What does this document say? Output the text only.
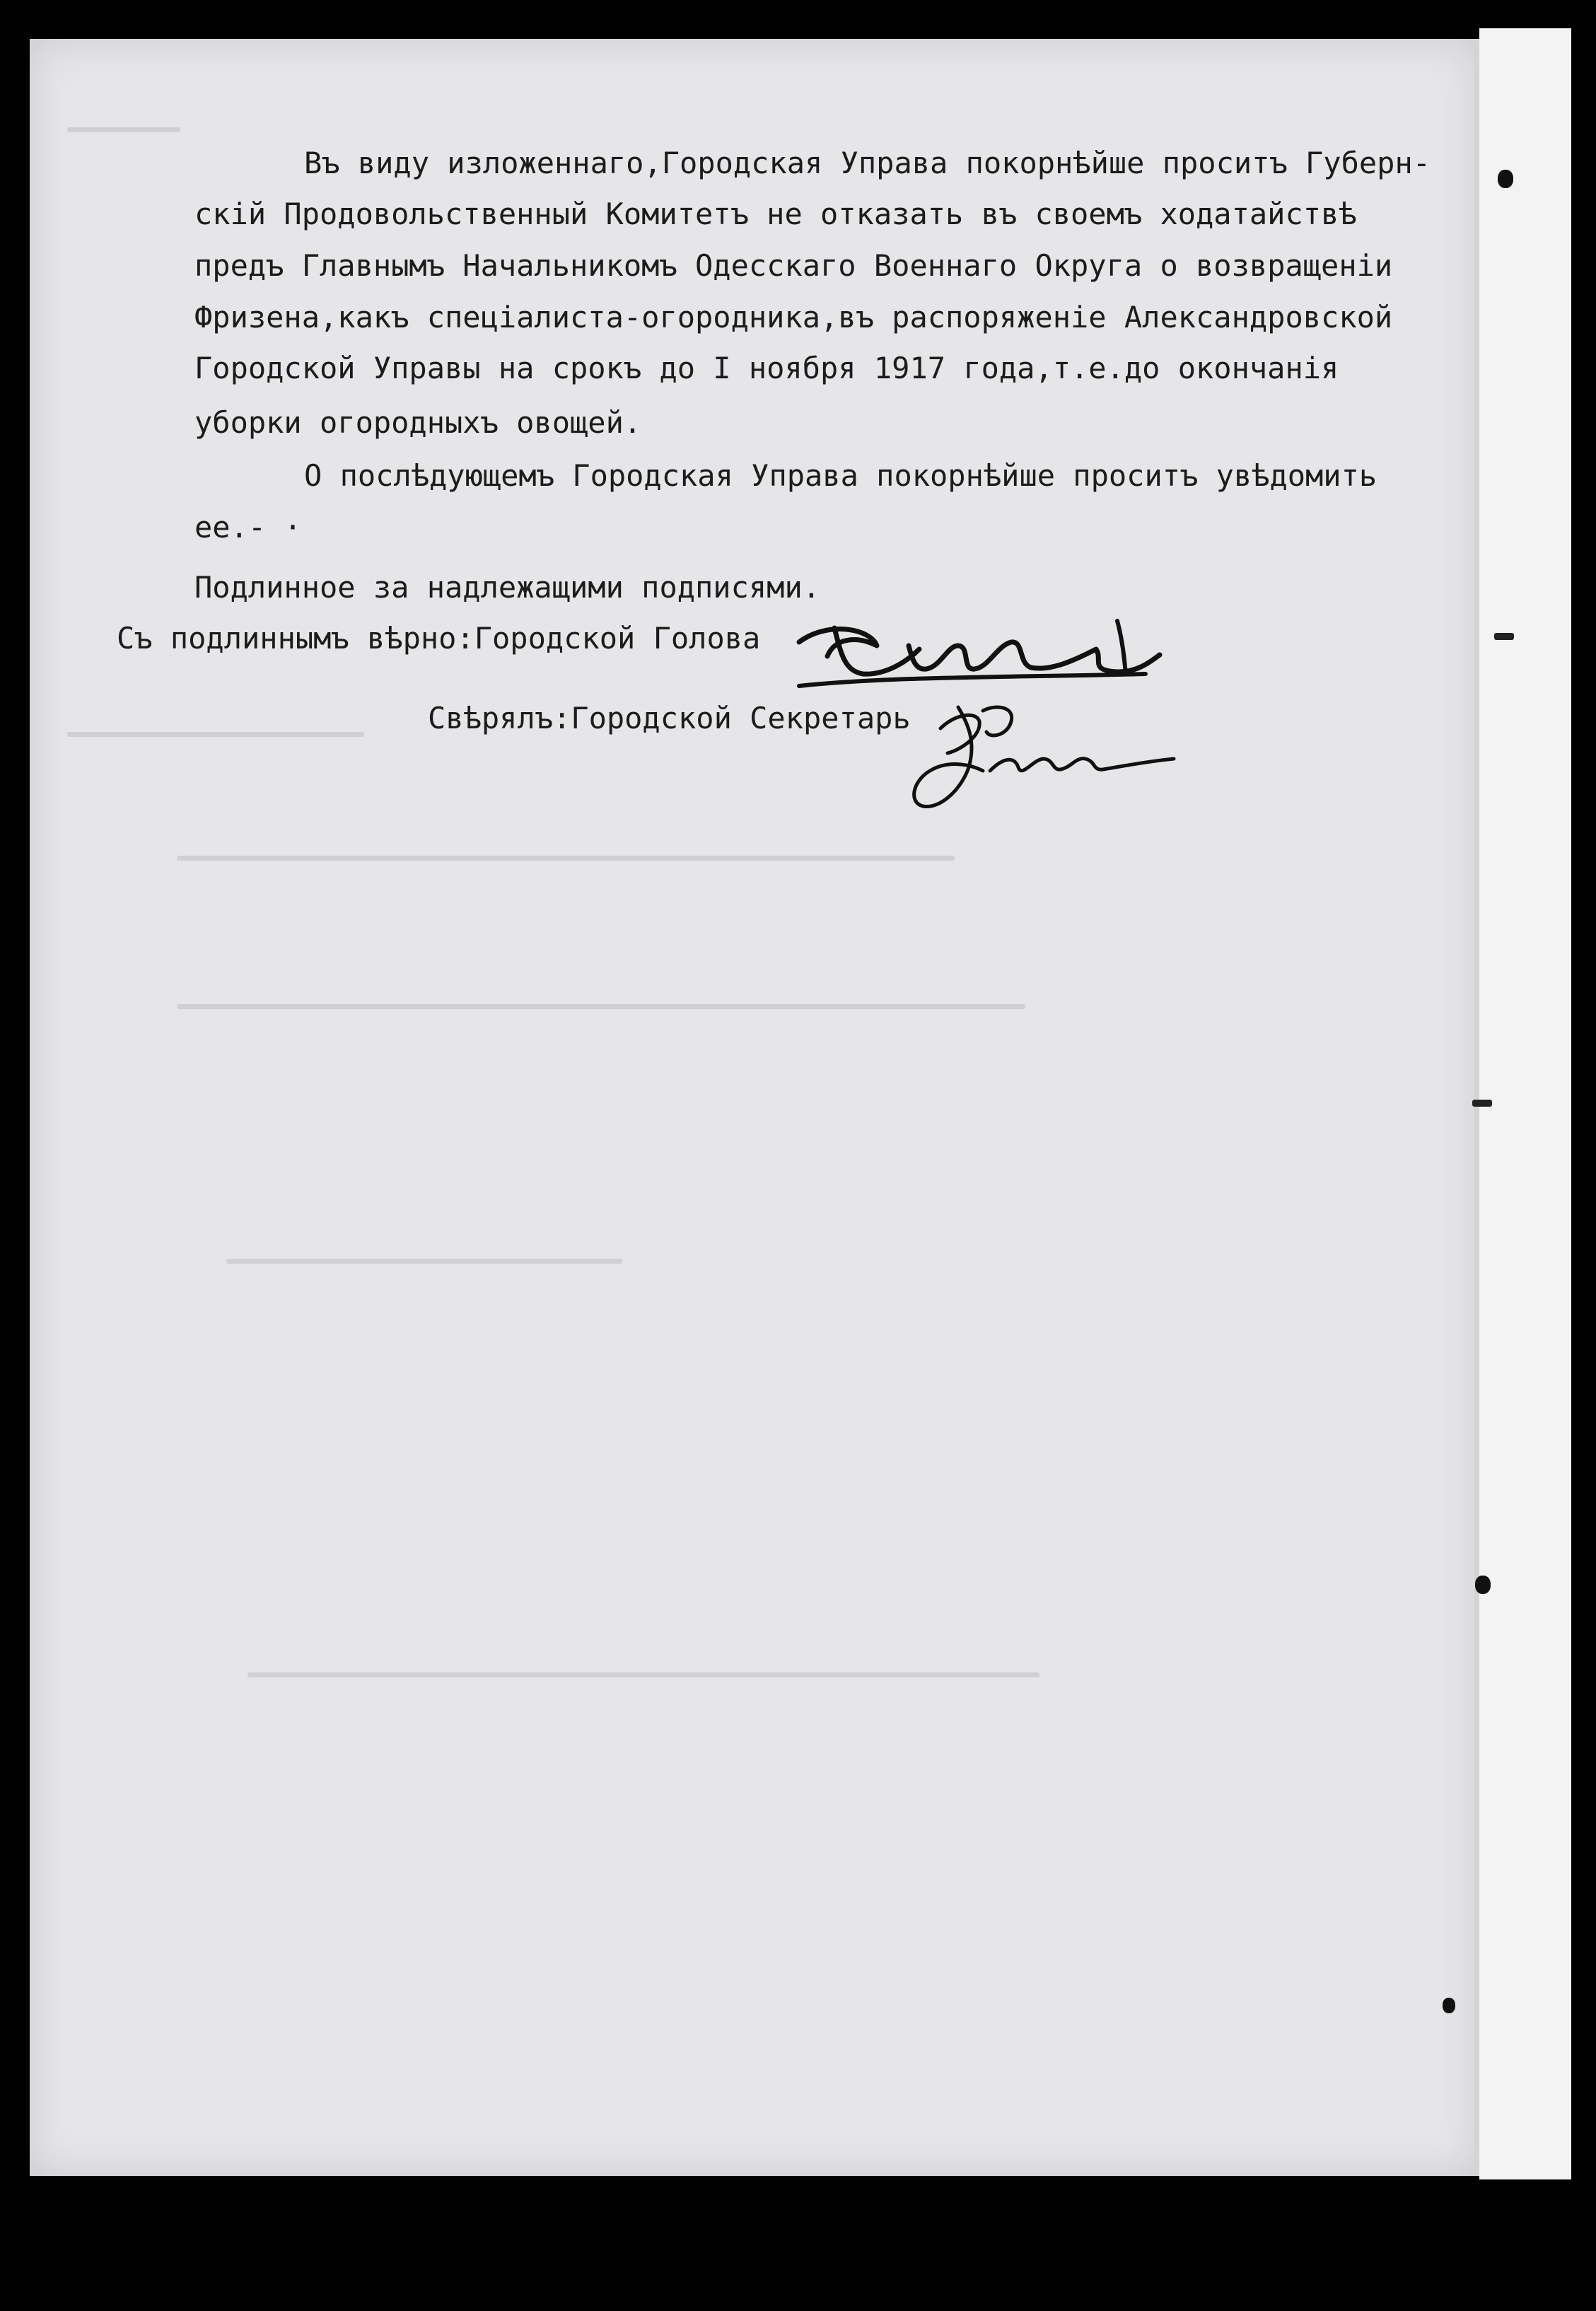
Въ виду изложеннаго,Городская Управа покорнѣйше проситъ Губерн-
скій Продовольственный Комитетъ не отказать въ своемъ ходатайствѣ
предъ Главнымъ Начальникомъ Одесскаго Военнаго Округа о возвращеніи
Фризена,какъ спеціалиста-огородника,въ распоряженіе Александровской
Городской Управы на срокъ до I ноября 1917 года,т.е.до окончанія
уборки огородныхъ овощей.
О послѣдующемъ Городская Управа покорнѣйше проситъ увѣдомить
ее.- ·
Подлинное за надлежащими подписями.
Съ подлиннымъ вѣрно:Городской Голова
Свѣрялъ:Городской Секретарь
